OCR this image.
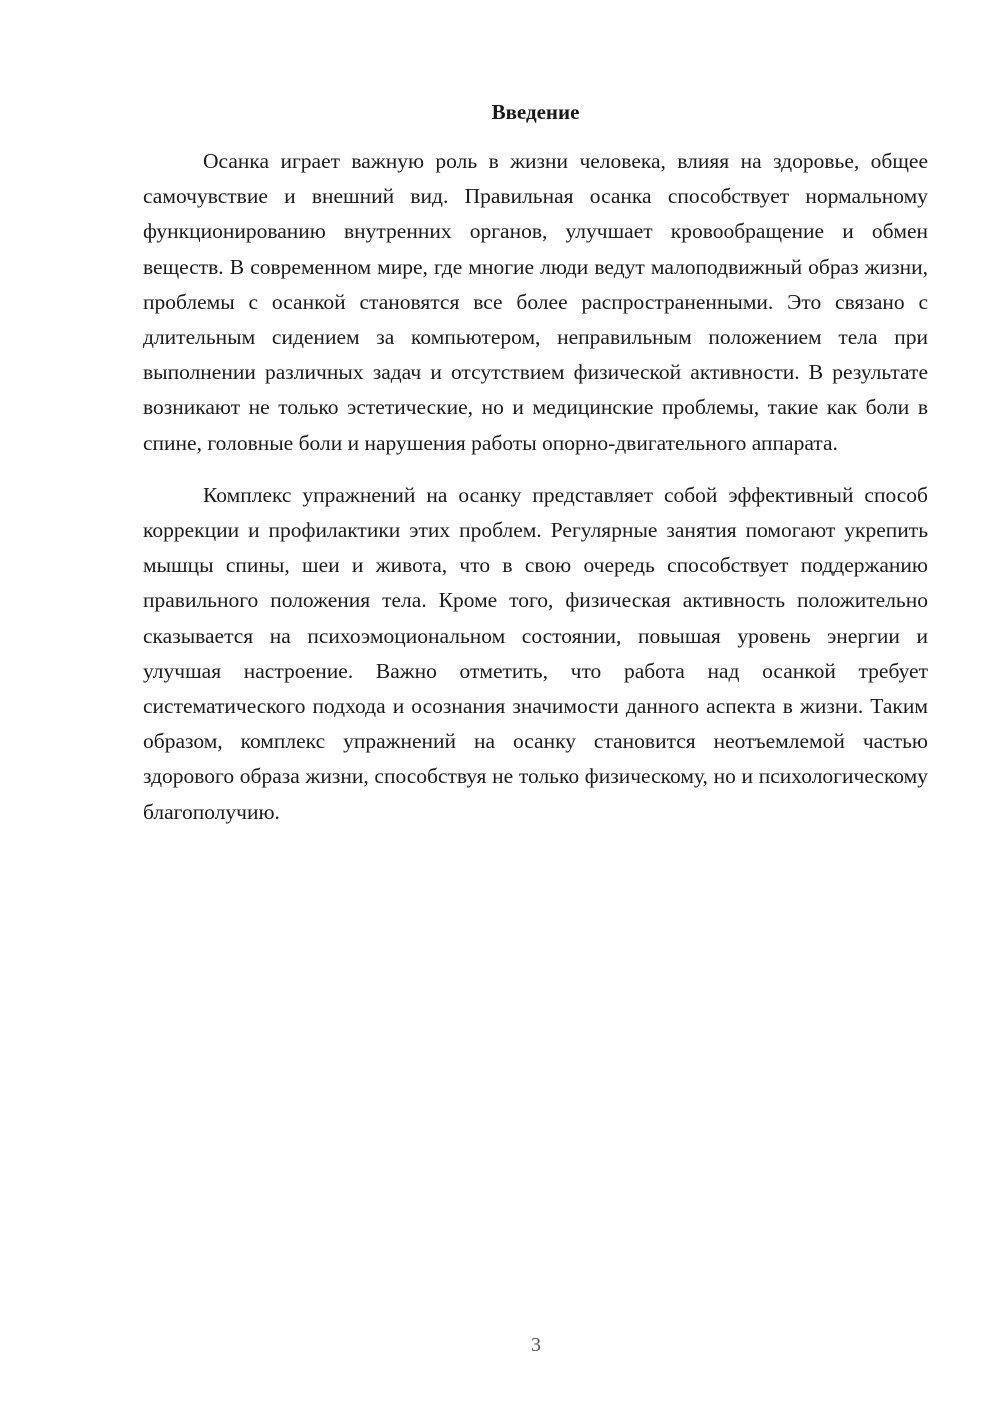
Введение

Осанка играет важную роль в жизни человека, влияя на здоровье, общее самочувствие и внешний вид. Правильная осанка способствует нормальному функционированию внутренних органов, улучшает кровообращение и обмен веществ. В современном мире, где многие люди ведут малоподвижный образ жизни, проблемы с осанкой становятся все более распространенными. Это связано с длительным сидением за компьютером, неправильным положением тела при выполнении различных задач и отсутствием физической активности. В результате возникают не только эстетические, но и медицинские проблемы, такие как боли в спине, головные боли и нарушения работы опорно-двигательного аппарата.

Комплекс упражнений на осанку представляет собой эффективный способ коррекции и профилактики этих проблем. Регулярные занятия помогают укрепить мышцы спины, шеи и живота, что в свою очередь способствует поддержанию правильного положения тела. Кроме того, физическая активность положительно сказывается на психоэмоциональном состоянии, повышая уровень энергии и улучшая настроение. Важно отметить, что работа над осанкой требует систематического подхода и осознания значимости данного аспекта в жизни. Таким образом, комплекс упражнений на осанку становится неотъемлемой частью здорового образа жизни, способствуя не только физическому, но и психологическому благополучию.

3
